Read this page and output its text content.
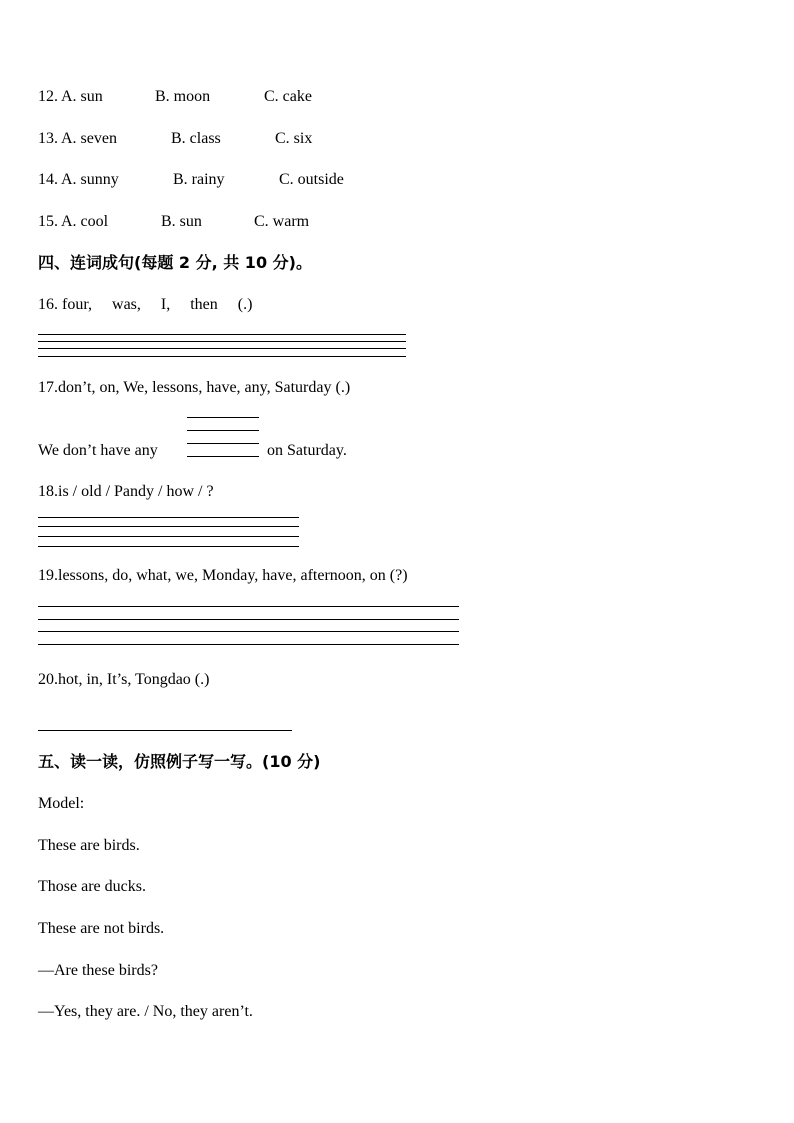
12. A. sun	B. moon	C. cake
13. A. seven	B. class	C. six
14. A. sunny	B. rainy	C. outside
15. A. cool	B. sun	C. warm
四、连词成句(每题 2 分, 共 10 分)。
16. four,     was,     I,     then     (.)
17.don’t, on, We, lessons, have, any, Saturday (.)
We don’t have any	on Saturday.
18.is / old / Pandy / how / ?
19.lessons, do, what, we, Monday, have, afternoon, on (?)
20.hot, in, It’s, Tongdao (.)
五、读一读，仿照例子写一写。(10 分)
Model:
These are birds.
Those are ducks.
These are not birds.
—Are these birds?
—Yes, they are. / No, they aren’t.
